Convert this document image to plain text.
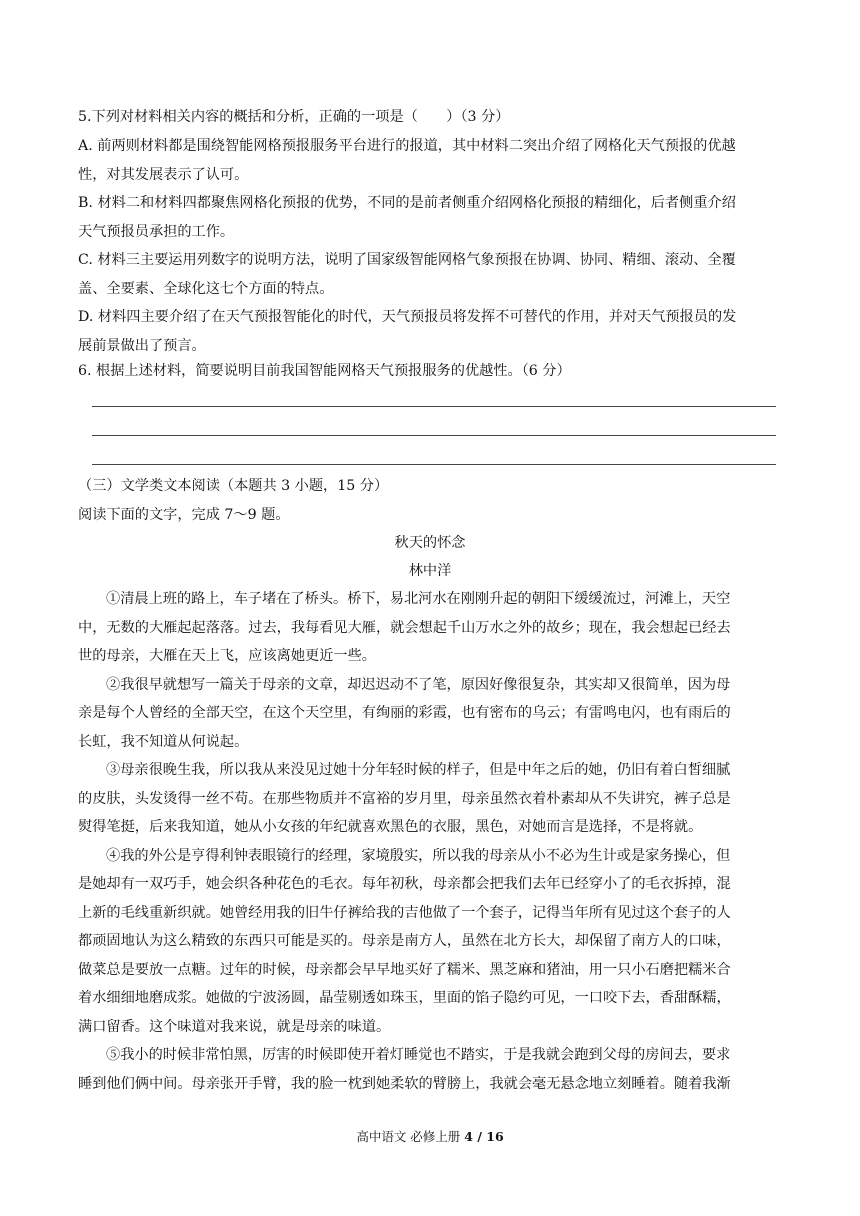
5.下列对材料相关内容的概括和分析，正确的一项是（　　）（3 分）
A. 前两则材料都是围绕智能网格预报服务平台进行的报道，其中材料二突出介绍了网格化天气预报的优越
性，对其发展表示了认可。
B. 材料二和材料四都聚焦网格化预报的优势，不同的是前者侧重介绍网格化预报的精细化，后者侧重介绍
天气预报员承担的工作。
C. 材料三主要运用列数字的说明方法，说明了国家级智能网格气象预报在协调、协同、精细、滚动、全覆
盖、全要素、全球化这七个方面的特点。
D. 材料四主要介绍了在天气预报智能化的时代，天气预报员将发挥不可替代的作用，并对天气预报员的发
展前景做出了预言。
6. 根据上述材料，简要说明目前我国智能网格天气预报服务的优越性。（6 分）
（三）文学类文本阅读（本题共 3 小题，15 分）
阅读下面的文字，完成 7～9 题。
秋天的怀念
林中洋
①清晨上班的路上，车子堵在了桥头。桥下，易北河水在刚刚升起的朝阳下缓缓流过，河滩上，天空
中，无数的大雁起起落落。过去，我每看见大雁，就会想起千山万水之外的故乡；现在，我会想起已经去
世的母亲，大雁在天上飞，应该离她更近一些。
②我很早就想写一篇关于母亲的文章，却迟迟动不了笔，原因好像很复杂，其实却又很简单，因为母
亲是每个人曾经的全部天空，在这个天空里，有绚丽的彩霞，也有密布的乌云；有雷鸣电闪，也有雨后的
长虹，我不知道从何说起。
③母亲很晚生我，所以我从来没见过她十分年轻时候的样子，但是中年之后的她，仍旧有着白皙细腻
的皮肤，头发烫得一丝不苟。在那些物质并不富裕的岁月里，母亲虽然衣着朴素却从不失讲究，裤子总是
熨得笔挺，后来我知道，她从小女孩的年纪就喜欢黑色的衣服，黑色，对她而言是选择，不是将就。
④我的外公是亨得利钟表眼镜行的经理，家境殷实，所以我的母亲从小不必为生计或是家务操心，但
是她却有一双巧手，她会织各种花色的毛衣。每年初秋，母亲都会把我们去年已经穿小了的毛衣拆掉，混
上新的毛线重新织就。她曾经用我的旧牛仔裤给我的吉他做了一个套子，记得当年所有见过这个套子的人
都顽固地认为这么精致的东西只可能是买的。母亲是南方人，虽然在北方长大，却保留了南方人的口味，
做菜总是要放一点糖。过年的时候，母亲都会早早地买好了糯米、黑芝麻和猪油，用一只小石磨把糯米合
着水细细地磨成浆。她做的宁波汤圆，晶莹剔透如珠玉，里面的馅子隐约可见，一口咬下去，香甜酥糯，
满口留香。这个味道对我来说，就是母亲的味道。
⑤我小的时候非常怕黑，厉害的时候即使开着灯睡觉也不踏实，于是我就会跑到父母的房间去，要求
睡到他们俩中间。母亲张开手臂，我的脸一枕到她柔软的臂膀上，我就会毫无悬念地立刻睡着。随着我渐
高中语文 必修上册 4 / 16
